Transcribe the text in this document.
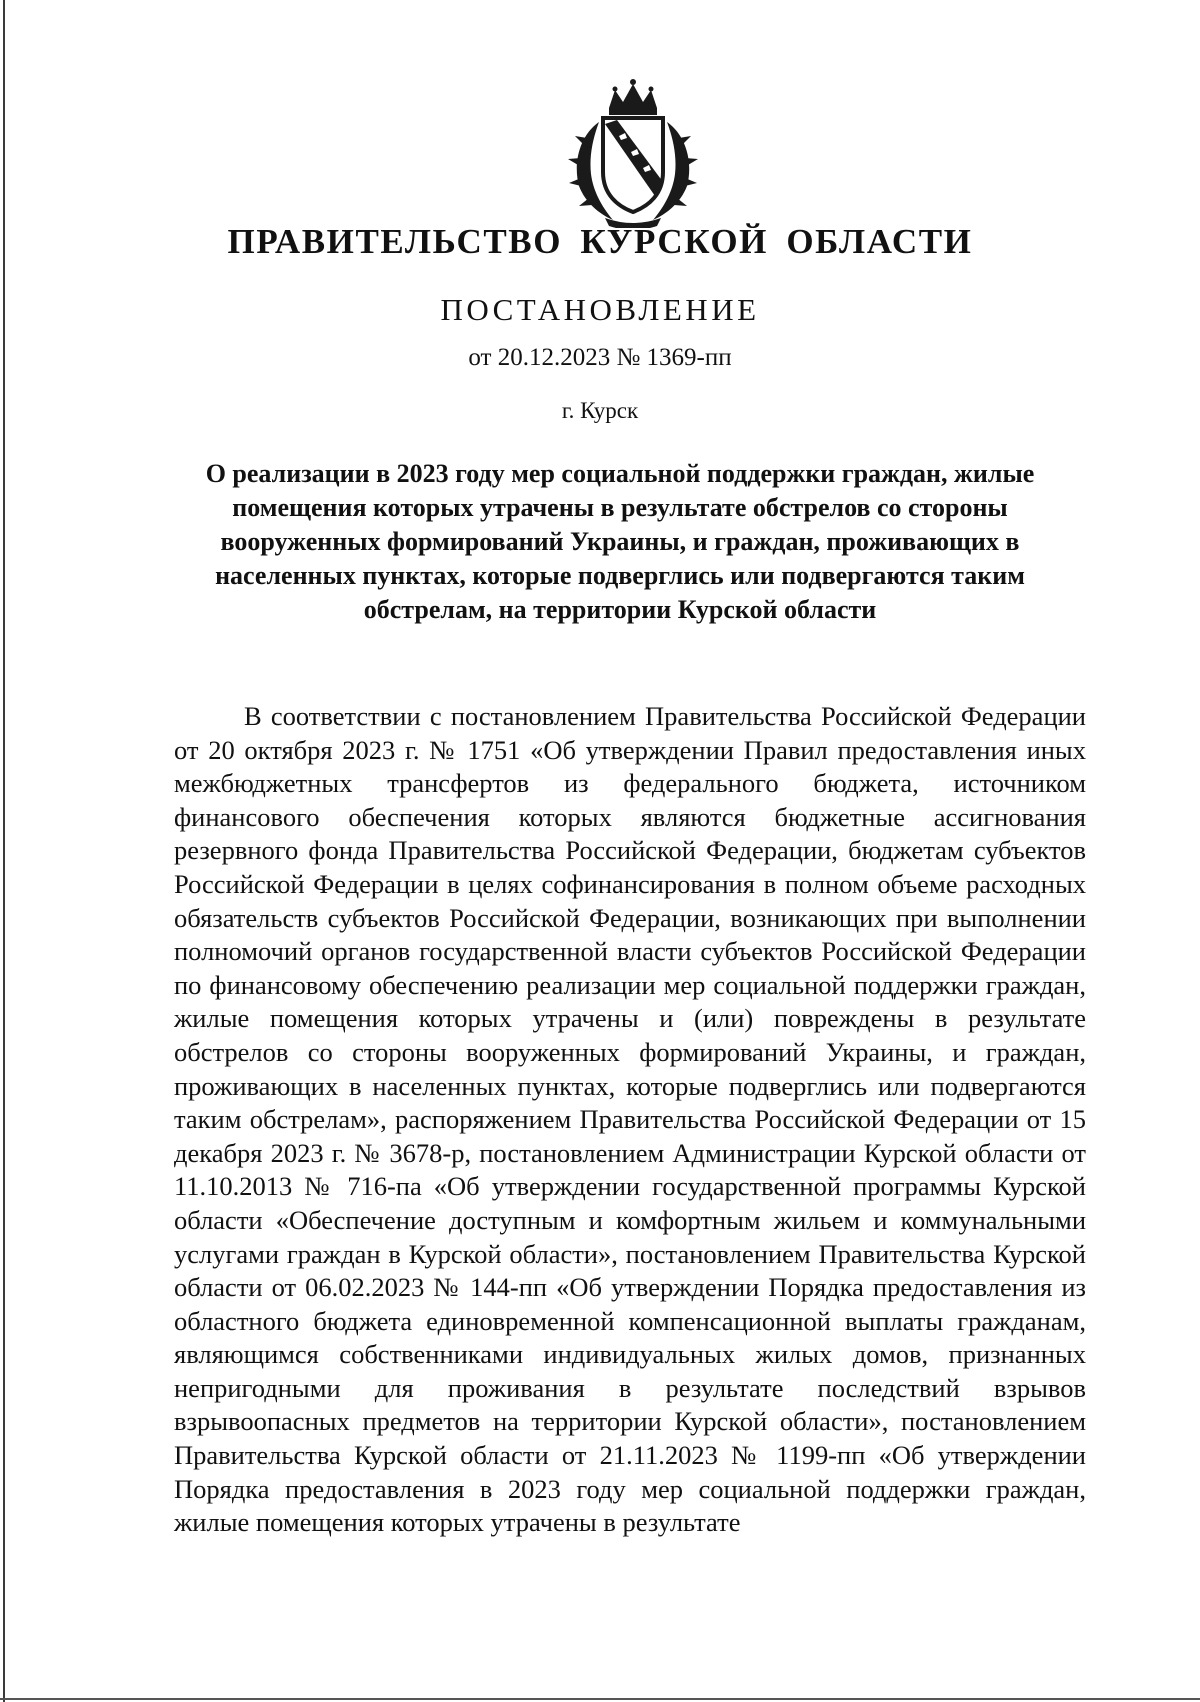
ПРАВИТЕЛЬСТВО КУРСКОЙ ОБЛАСТИ
ПОСТАНОВЛЕНИЕ
от 20.12.2023 № 1369-пп
г. Курск
О реализации в 2023 году мер социальной поддержки граждан, жилые
помещения которых утрачены в результате обстрелов со стороны
вооруженных формирований Украины, и граждан, проживающих в
населенных пунктах, которые подверглись или подвергаются таким
обстрелам, на территории Курской области

В соответствии с постановлением Правительства Российской Федерации от 20 октября 2023 г. № 1751 «Об утверждении Правил предоставления иных межбюджетных трансфертов из федерального бюджета, источником финансового обеспечения которых являются бюджетные ассигнования резервного фонда Правительства Российской Федерации, бюджетам субъектов Российской Федерации в целях софинансирования в полном объеме расходных обязательств субъектов Российской Федерации, возникающих при выполнении полномочий органов государственной власти субъектов Российской Федерации по финансовому обеспечению реализации мер социальной поддержки граждан, жилые помещения которых утрачены и (или) повреждены в результате обстрелов со стороны вооруженных формирований Украины, и граждан, проживающих в населенных пунктах, которые подверглись или подвергаются таким обстрелам», распоряжением Правительства Российской Федерации от 15 декабря 2023 г. № 3678-р, постановлением Администрации Курской области от 11.10.2013 № 716-па «Об утверждении государственной программы Курской области «Обеспечение доступным и комфортным жильем и коммунальными услугами граждан в Курской области», постановлением Правительства Курской области от 06.02.2023 № 144-пп «Об утверждении Порядка предоставления из областного бюджета единовременной компенсационной выплаты гражданам, являющимся собственниками индивидуальных жилых домов, признанных непригодными для проживания в результате последствий взрывов взрывоопасных предметов на территории Курской области», постановлением Правительства Курской области от 21.11.2023 № 1199-пп «Об утверждении Порядка предоставления в 2023 году мер социальной поддержки граждан, жилые помещения которых утрачены в результате
